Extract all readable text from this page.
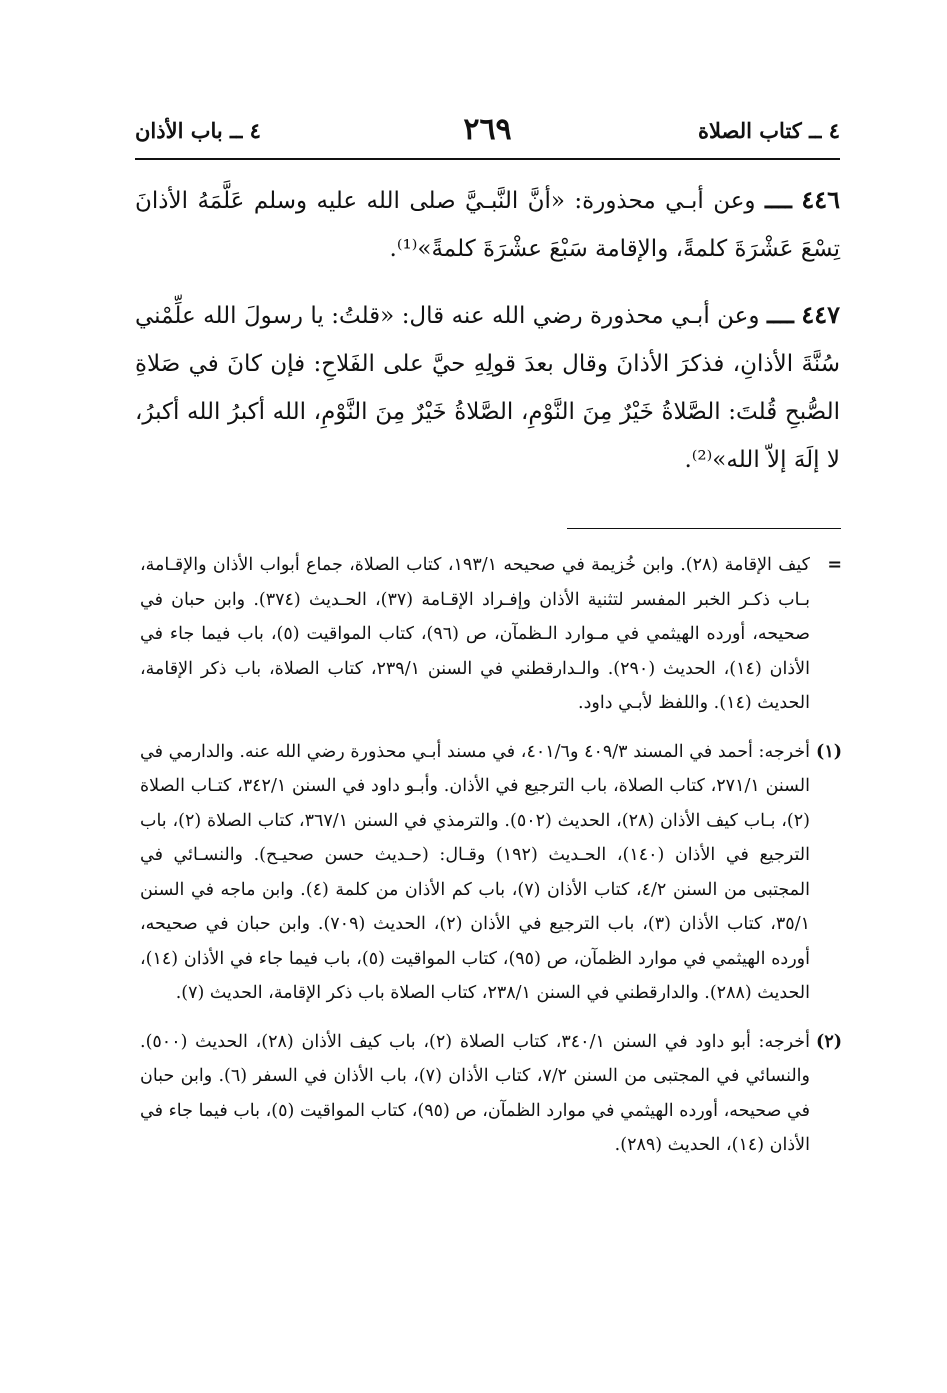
٤ ــ كتاب الصلاة
٢٦٩
٤ ــ باب الأذان

٤٤٦ ــــ وعن أبـي محذورة: «أنَّ النَّبـيَّ صلى الله عليه وسلم عَلَّمَهُ الأذانَ تِسْعَ عَشْرَةَ كلمةً، والإقامة سَبْعَ عشْرَةَ كلمةً»⁽¹⁾.

٤٤٧ ــــ وعن أبـي محذورة رضي الله عنه قال: «قلتُ: يا رسولَ الله علِّمْني سُنَّةَ الأذانِ، فذكرَ الأذانَ وقال بعدَ قولِهِ حيَّ على الفَلاحِ: فإن كانَ في صَلاةِ الصُّبحِ قُلتَ: الصَّلاةُ خَيْرٌ مِنَ النَّوْمِ، الصَّلاةُ خَيْرٌ مِنَ النَّوْمِ، الله أكبرُ الله أكبرُ، لا إلَهَ إلاّ الله»⁽²⁾.

=
كيف الإقامة (٢٨). وابن خُزيمة في صحيحه ١٩٣/١، كتاب الصلاة، جماع أبواب الأذان والإقـامة، بـاب ذكـر الخبر المفسر لتثنية الأذان وإفـراد الإقـامة (٣٧)، الحـديث (٣٧٤). وابن حبان في صحيحه، أورده الهيثمي في مـوارد الـظمآن، ص (٩٦)، كتاب المواقيت (٥)، باب فيما جاء في الأذان (١٤)، الحديث (٢٩٠). والـدارقطني في السنن ٢٣٩/١، كتاب الصلاة، باب ذكر الإقامة، الحديث (١٤). واللفظ لأبـي داود.
(١)
أخرجه: أحمد في المسند ٤٠٩/٣ و٤٠١/٦، في مسند أبـي محذورة رضي الله عنه. والدارمي في السنن ٢٧١/١، كتاب الصلاة، باب الترجيع في الأذان. وأبـو داود في السنن ٣٤٢/١، كتـاب الصلاة (٢)، بـاب كيف الأذان (٢٨)، الحديث (٥٠٢). والترمذي في السنن ٣٦٧/١، كتاب الصلاة (٢)، باب الترجيع في الأذان (١٤٠)، الحـديث (١٩٢) وقـال: (حـديث حسن صحيـح). والنسـائي في المجتبى من السنن ٤/٢، كتاب الأذان (٧)، باب كم الأذان من كلمة (٤). وابن ماجه في السنن ٣٥/١، كتاب الأذان (٣)، باب الترجيع في الأذان (٢)، الحديث (٧٠٩). وابن حبان في صحيحه، أورده الهيثمي في موارد الظمآن، ص (٩٥)، كتاب المواقيت (٥)، باب فيما جاء في الأذان (١٤)، الحديث (٢٨٨). والدارقطني في السنن ٢٣٨/١، كتاب الصلاة باب ذكر الإقامة، الحديث (٧).
(٢)
أخرجه: أبو داود في السنن ٣٤٠/١، كتاب الصلاة (٢)، باب كيف الأذان (٢٨)، الحديث (٥٠٠). والنسائي في المجتبى من السنن ٧/٢، كتاب الأذان (٧)، باب الأذان في السفر (٦). وابن حبان في صحيحه، أورده الهيثمي في موارد الظمآن، ص (٩٥)، كتاب المواقيت (٥)، باب فيما جاء في الأذان (١٤)، الحديث (٢٨٩).
